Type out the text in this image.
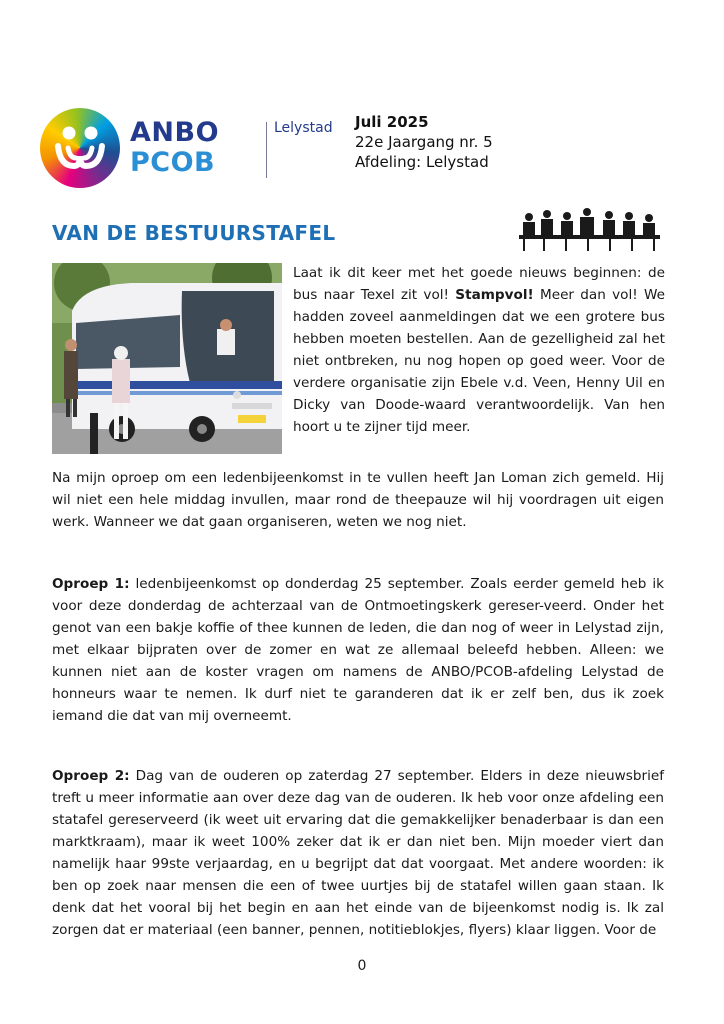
ANBO
PCOB
Lelystad Juli 2025
22e Jaargang nr. 5
Afdeling: Lelystad
VAN DE BESTUURSTAFEL
Laat ik dit keer met het goede nieuws beginnen: de bus naar Texel zit vol! Stampvol! Meer dan vol! We hadden zoveel aanmeldingen dat we een grotere bus hebben moeten bestellen. Aan de gezelligheid zal het niet ontbreken, nu nog hopen op goed weer. Voor de verdere organisatie zijn Ebele v.d. Veen, Henny Uil en Dicky van Doode-waard verantwoordelijk. Van hen hoort u te zijner tijd meer.
Na mijn oproep om een ledenbijeenkomst in te vullen heeft Jan Loman zich gemeld. Hij wil niet een hele middag invullen, maar rond de theepauze wil hij voordragen uit eigen werk. Wanneer we dat gaan organiseren, weten we nog niet.
Oproep 1: ledenbijeenkomst op donderdag 25 september. Zoals eerder gemeld heb ik voor deze donderdag de achterzaal van de Ontmoetingskerk gereser-veerd. Onder het genot van een bakje koffie of thee kunnen de leden, die dan nog of weer in Lelystad zijn, met elkaar bijpraten over de zomer en wat ze allemaal beleefd hebben. Alleen: we kunnen niet aan de koster vragen om namens de ANBO/PCOB-afdeling Lelystad de honneurs waar te nemen. Ik durf niet te garanderen dat ik er zelf ben, dus ik zoek iemand die dat van mij overneemt.
Oproep 2: Dag van de ouderen op zaterdag 27 september. Elders in deze nieuwsbrief treft u meer informatie aan over deze dag van de ouderen. Ik heb voor onze afdeling een statafel gereserveerd (ik weet uit ervaring dat die gemakkelijker benaderbaar is dan een marktkraam), maar ik weet 100% zeker dat ik er dan niet ben. Mijn moeder viert dan namelijk haar 99ste verjaardag, en u begrijpt dat dat voorgaat. Met andere woorden: ik ben op zoek naar mensen die een of twee uurtjes bij de statafel willen gaan staan. Ik denk dat het vooral bij het begin en aan het einde van de bijeenkomst nodig is. Ik zal zorgen dat er materiaal (een banner, pennen, notitieblokjes, flyers) klaar liggen. Voor de
0
